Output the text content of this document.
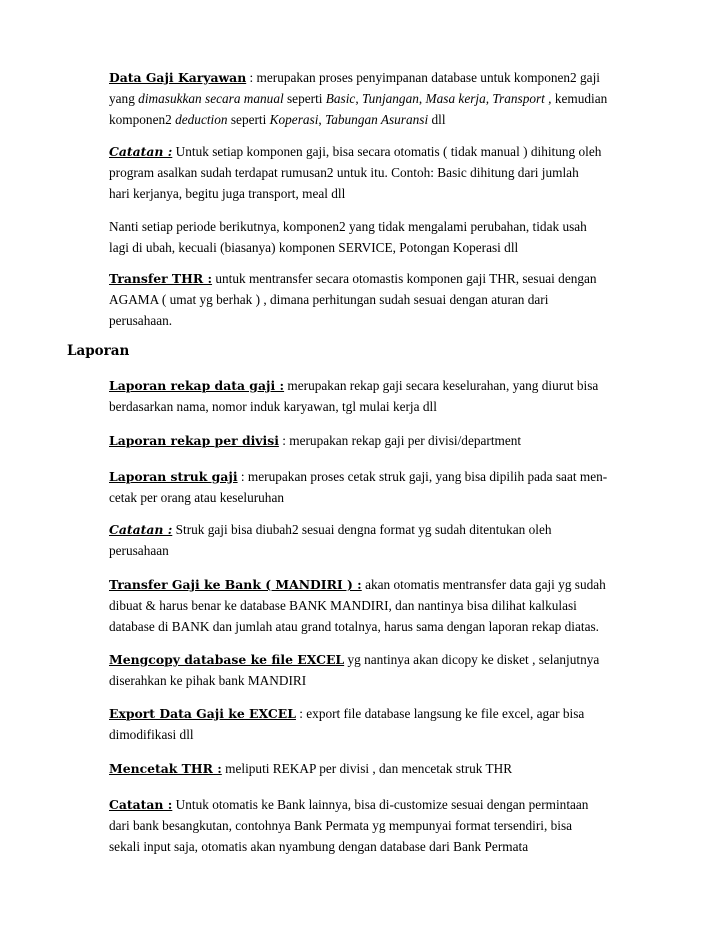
Laporan
Data Gaji Karyawan : merupakan proses penyimpanan database untuk komponen2 gaji
yang dimasukkan secara manual seperti Basic, Tunjangan, Masa kerja, Transport , kemudian
komponen2 deduction seperti Koperasi, Tabungan Asuransi dll
Catatan : Untuk setiap komponen gaji, bisa secara otomatis ( tidak manual ) dihitung oleh
program asalkan sudah terdapat rumusan2 untuk itu. Contoh: Basic dihitung dari jumlah
hari kerjanya, begitu juga transport, meal dll
Nanti setiap periode berikutnya, komponen2 yang tidak mengalami perubahan, tidak usah
lagi di ubah, kecuali (biasanya) komponen SERVICE, Potongan Koperasi dll
Transfer THR : untuk mentransfer secara otomastis komponen gaji THR, sesuai dengan
AGAMA ( umat yg berhak ) , dimana perhitungan sudah sesuai dengan aturan dari
perusahaan.
Laporan rekap data gaji : merupakan rekap gaji secara keselurahan, yang diurut bisa
berdasarkan nama, nomor induk karyawan, tgl mulai kerja dll
Laporan rekap per divisi : merupakan rekap gaji per divisi/department
Laporan struk gaji : merupakan proses cetak struk gaji, yang bisa dipilih pada saat men-
cetak per orang atau keseluruhan
Catatan : Struk gaji bisa diubah2 sesuai dengna format yg sudah ditentukan oleh
perusahaan
Transfer Gaji ke Bank ( MANDIRI ) : akan otomatis mentransfer data gaji yg sudah
dibuat & harus benar ke database BANK MANDIRI, dan nantinya bisa dilihat kalkulasi
database di BANK dan jumlah atau grand totalnya, harus sama dengan laporan rekap diatas.
Mengcopy database ke file EXCEL yg nantinya akan dicopy ke disket , selanjutnya
diserahkan ke pihak bank MANDIRI
Export Data Gaji ke EXCEL : export file database langsung ke file excel, agar bisa
dimodifikasi dll
Mencetak THR : meliputi REKAP per divisi , dan mencetak struk THR
Catatan : Untuk otomatis ke Bank lainnya, bisa di-customize sesuai dengan permintaan
dari bank besangkutan, contohnya Bank Permata yg mempunyai format tersendiri, bisa
sekali input saja, otomatis akan nyambung dengan database dari Bank Permata
